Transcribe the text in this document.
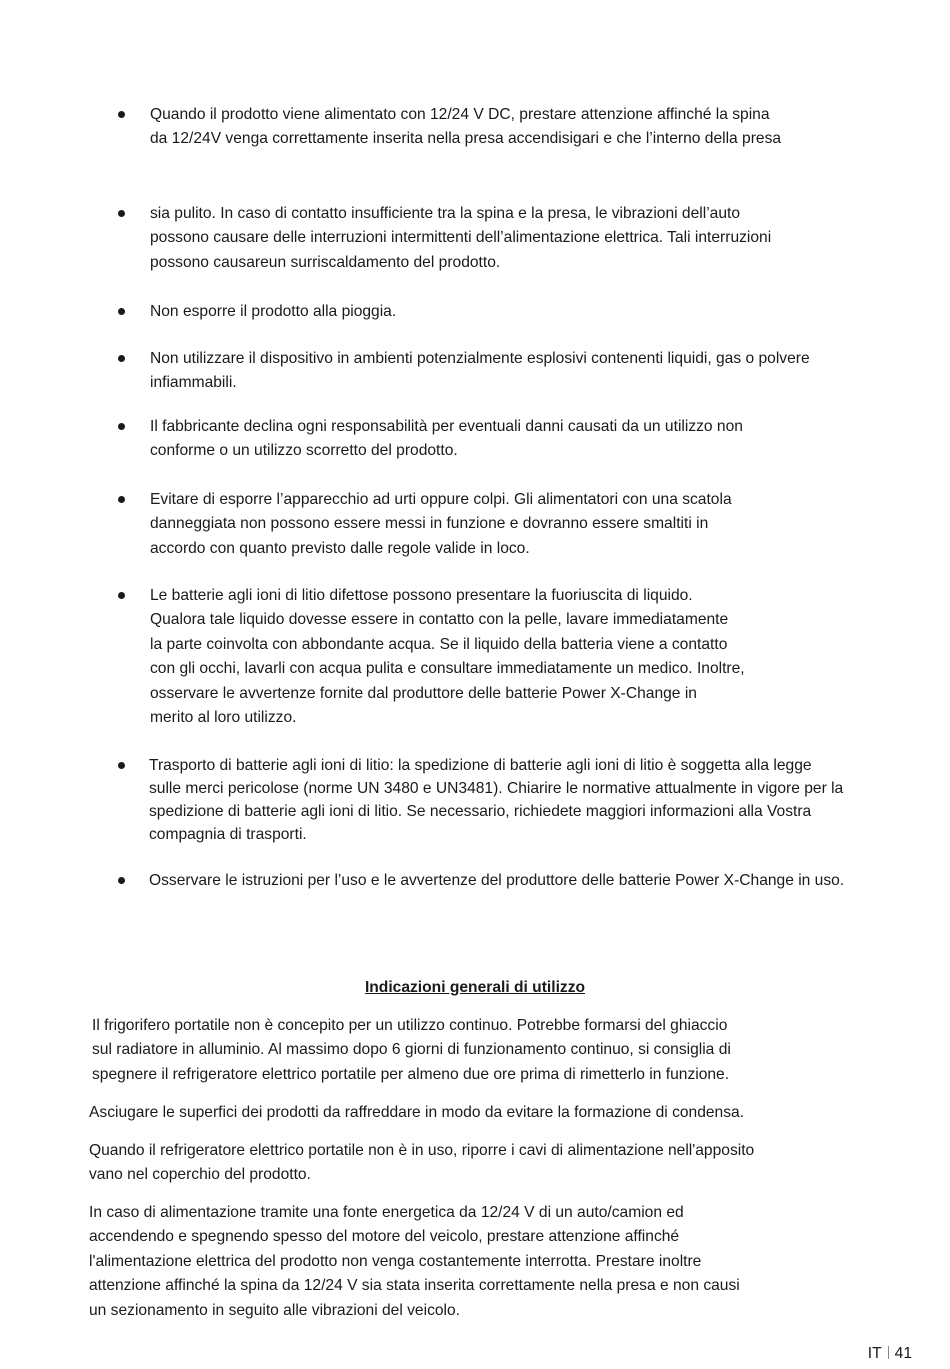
Quando il prodotto viene alimentato con 12/24 V DC, prestare attenzione affinché la spina
da 12/24V venga correttamente inserita nella presa accendisigari e che l’interno della presa
sia pulito. In caso di contatto insufficiente tra la spina e la presa, le vibrazioni dell’auto
possono causare delle interruzioni intermittenti dell’alimentazione elettrica. Tali interruzioni
possono causareun surriscaldamento del prodotto.
Non esporre il prodotto alla pioggia.
Non utilizzare il dispositivo in ambienti potenzialmente esplosivi contenenti liquidi, gas o polvere
infiammabili.
Il fabbricante declina ogni responsabilità per eventuali danni causati da un utilizzo non
conforme o un utilizzo scorretto del prodotto.
Evitare di esporre l’apparecchio ad urti oppure colpi. Gli alimentatori con una scatola
danneggiata non possono essere messi in funzione e dovranno essere smaltiti in
accordo con quanto previsto dalle regole valide in loco.
Le batterie agli ioni di litio difettose possono presentare la fuoriuscita di liquido.
Qualora tale liquido dovesse essere in contatto con la pelle, lavare immediatamente
la parte coinvolta con abbondante acqua. Se il liquido della batteria viene a contatto
con gli occhi, lavarli con acqua pulita e consultare immediatamente un medico. Inoltre,
osservare le avvertenze fornite dal produttore delle batterie Power X-Change in
merito al loro utilizzo.
Trasporto di batterie agli ioni di litio: la spedizione di batterie agli ioni di litio è soggetta alla legge
sulle merci pericolose (norme UN 3480 e UN3481). Chiarire le normative attualmente in vigore per la
spedizione di batterie agli ioni di litio. Se necessario, richiedete maggiori informazioni alla Vostra
compagnia di trasporti.
Osservare le istruzioni per l’uso e le avvertenze del produttore delle batterie Power X-Change in uso.
Indicazioni generali di utilizzo
Il frigorifero portatile non è concepito per un utilizzo continuo. Potrebbe formarsi del ghiaccio
sul radiatore in alluminio. Al massimo dopo 6 giorni di funzionamento continuo, si consiglia di
spegnere il refrigeratore elettrico portatile per almeno due ore prima di rimetterlo in funzione.
Asciugare le superfici dei prodotti da raffreddare in modo da evitare la formazione di condensa.
Quando il refrigeratore elettrico portatile non è in uso, riporre i cavi di alimentazione nell'apposito
vano nel coperchio del prodotto.
In caso di alimentazione tramite una fonte energetica da 12/24 V di un auto/camion ed
accendendo e spegnendo spesso del motore del veicolo, prestare attenzione affinché
l'alimentazione elettrica del prodotto non venga costantemente interrotta. Prestare inoltre
attenzione affinché la spina da 12/24 V sia stata inserita correttamente nella presa e non causi
un sezionamento in seguito alle vibrazioni del veicolo.
IT 41
